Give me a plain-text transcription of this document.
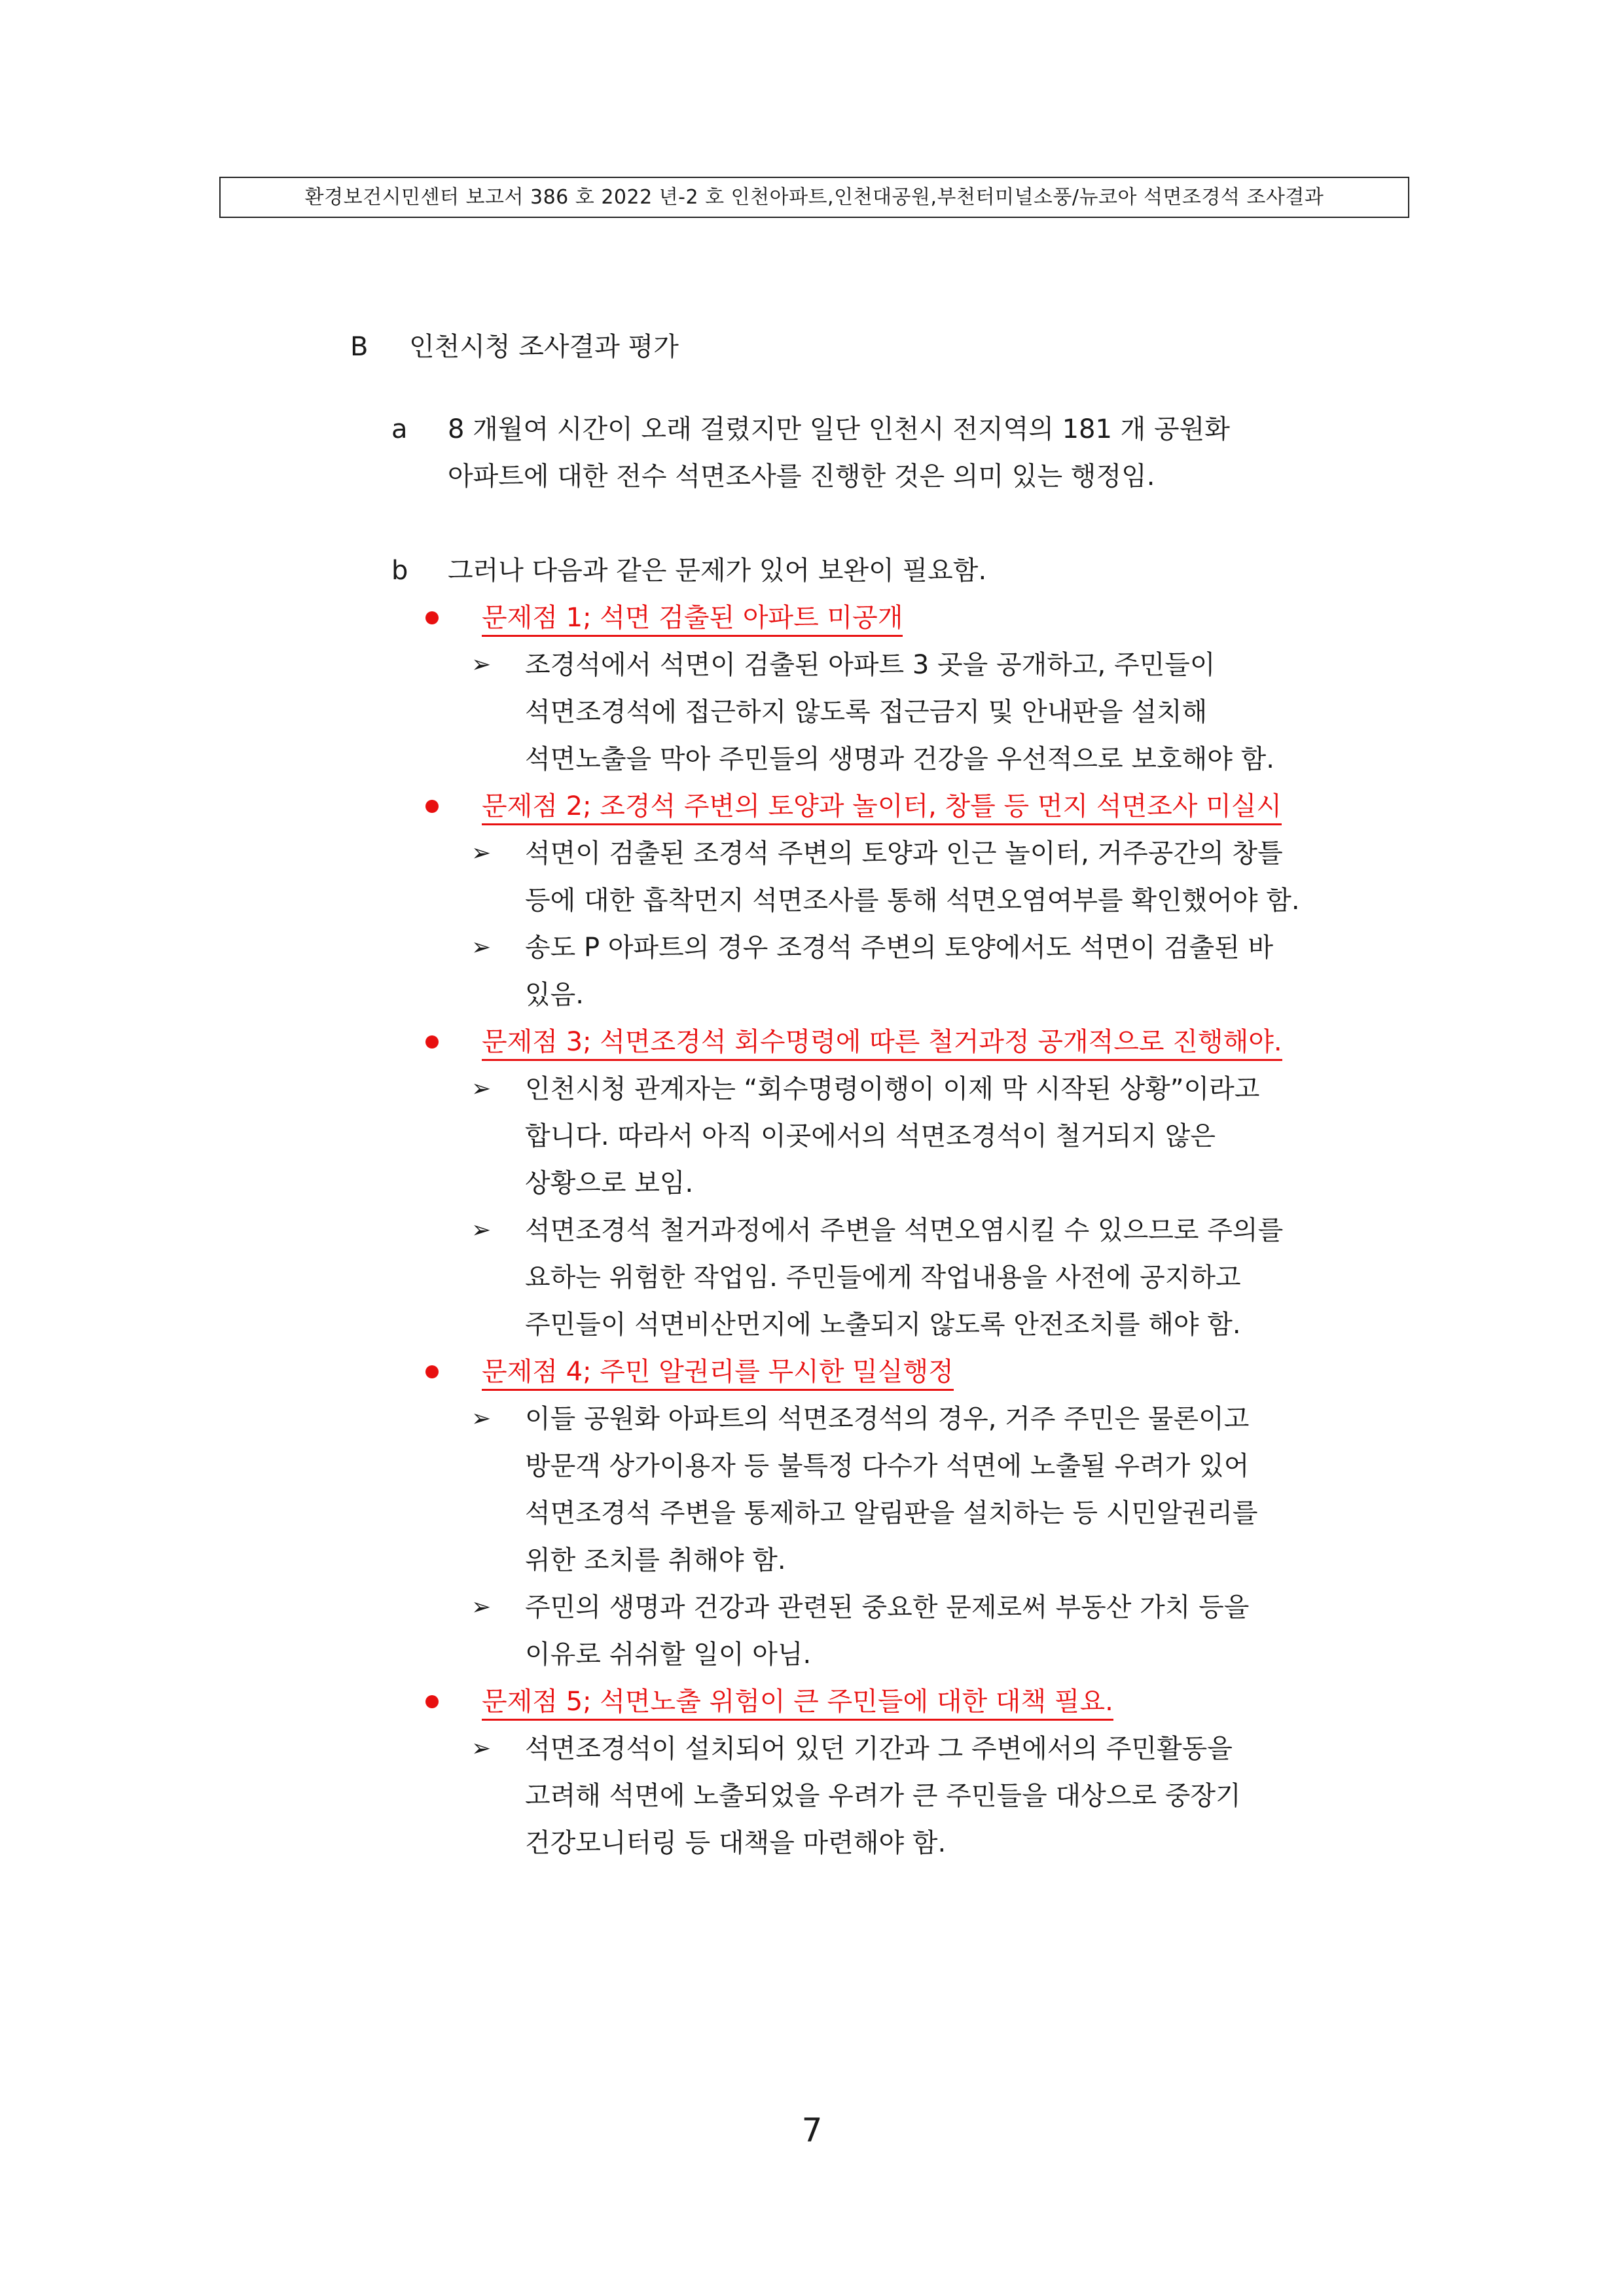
환경보건시민센터 보고서 386 호 2022 년-2 호 인천아파트,인천대공원,부천터미널소풍/뉴코아 석면조경석 조사결과
B 인천시청 조사결과 평가
a 8 개월여 시간이 오래 걸렸지만 일단 인천시 전지역의 181 개 공원화
아파트에 대한 전수 석면조사를 진행한 것은 의미 있는 행정임.
b 그러나 다음과 같은 문제가 있어 보완이 필요함.
문제점 1; 석면 검출된 아파트 미공개
➢ 조경석에서 석면이 검출된 아파트 3 곳을 공개하고, 주민들이
석면조경석에 접근하지 않도록 접근금지 및 안내판을 설치해
석면노출을 막아 주민들의 생명과 건강을 우선적으로 보호해야 함.
문제점 2; 조경석 주변의 토양과 놀이터, 창틀 등 먼지 석면조사 미실시
➢ 석면이 검출된 조경석 주변의 토양과 인근 놀이터, 거주공간의 창틀
등에 대한 흡착먼지 석면조사를 통해 석면오염여부를 확인했어야 함.
➢ 송도 P 아파트의 경우 조경석 주변의 토양에서도 석면이 검출된 바
있음.
문제점 3; 석면조경석 회수명령에 따른 철거과정 공개적으로 진행해야.
➢ 인천시청 관계자는 “회수명령이행이 이제 막 시작된 상황”이라고
합니다. 따라서 아직 이곳에서의 석면조경석이 철거되지 않은
상황으로 보임.
➢ 석면조경석 철거과정에서 주변을 석면오염시킬 수 있으므로 주의를
요하는 위험한 작업임. 주민들에게 작업내용을 사전에 공지하고
주민들이 석면비산먼지에 노출되지 않도록 안전조치를 해야 함.
문제점 4; 주민 알권리를 무시한 밀실행정
➢ 이들 공원화 아파트의 석면조경석의 경우, 거주 주민은 물론이고
방문객 상가이용자 등 불특정 다수가 석면에 노출될 우려가 있어
석면조경석 주변을 통제하고 알림판을 설치하는 등 시민알권리를
위한 조치를 취해야 함.
➢ 주민의 생명과 건강과 관련된 중요한 문제로써 부동산 가치 등을
이유로 쉬쉬할 일이 아님.
문제점 5; 석면노출 위험이 큰 주민들에 대한 대책 필요.
➢ 석면조경석이 설치되어 있던 기간과 그 주변에서의 주민활동을
고려해 석면에 노출되었을 우려가 큰 주민들을 대상으로 중장기
건강모니터링 등 대책을 마련해야 함.
7
